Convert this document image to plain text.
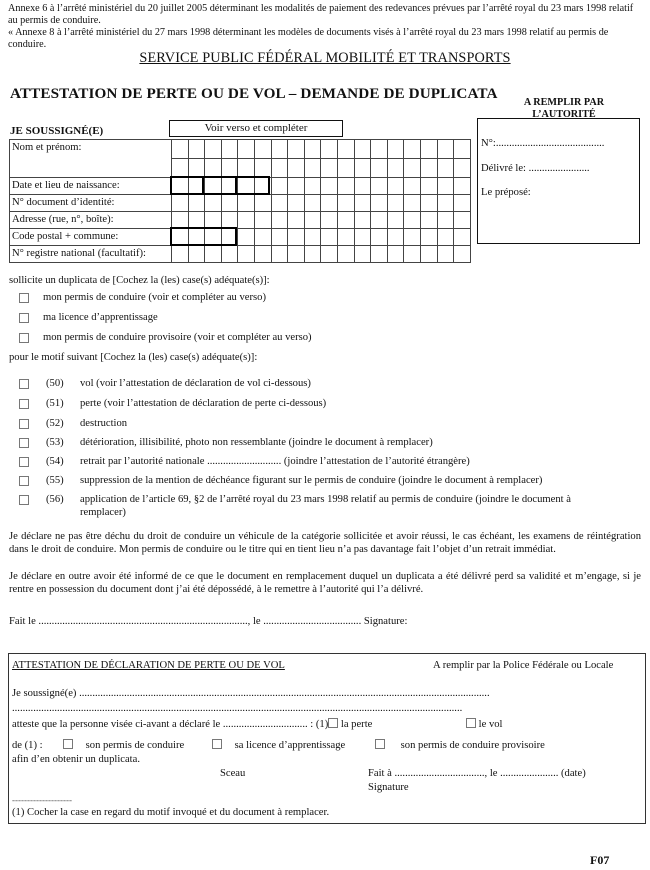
Annexe 6 à l’arrêté ministériel du 20 juillet 2005 déterminant les modalités de paiement des redevances prévues par l’arrêté royal du 23 mars 1998 relatif au permis de conduire.
« Annexe 8 à l’arrêté ministériel du 27 mars 1998 déterminant les modèles de documents visés à l’arrêté royal du 23 mars 1998 relatif au permis de conduire.
SERVICE PUBLIC FÉDÉRAL MOBILITÉ ET TRANSPORTS
ATTESTATION DE PERTE OU DE VOL – DEMANDE DE DUPLICATA
A REMPLIR PAR
L’AUTORITÉ
N°:.........................................
Délivré le: .......................
Le préposé:
JE SOUSSIGNÉ(E)	Voir verso et compléter
Nom et prénom:																		

Date et lieu de naissance:																		
N° document d’identité:																		
Adresse (rue, n°, boîte):																		
Code postal + commune:																		
N° registre national (facultatif):																		
sollicite un duplicata de [Cochez la (les) case(s) adéquate(s)]:
mon permis de conduire (voir et compléter au verso)
ma licence d’apprentissage
mon permis de conduire provisoire (voir et compléter au verso)
pour le motif suivant [Cochez la (les) case(s) adéquate(s)]:
(50) vol (voir l’attestation de déclaration de vol ci-dessous)
(51) perte (voir l’attestation de déclaration de perte ci-dessous)
(52) destruction
(53) détérioration, illisibilité, photo non ressemblante (joindre le document à remplacer)
(54) retrait par l’autorité nationale ............................ (joindre l’attestation de l’autorité étrangère)
(55) suppression de la mention de déchéance figurant sur le permis de conduire (joindre le document à remplacer)
(56) application de l’article 69, §2 de l’arrêté royal du 23 mars 1998 relatif au permis de conduire (joindre le document à
remplacer)
Je déclare ne pas être déchu du droit de conduire un véhicule de la catégorie sollicitée et avoir réussi, le cas échéant, les examens de réintégration dans le droit de conduire. Mon permis de conduire ou le titre qui en tient lieu n’a pas davantage fait l’objet d’un retrait immédiat.
Je déclare en outre avoir été informé de ce que le document en remplacement duquel un duplicata a été délivré perd sa validité et m’engage, si je rentre en possession du document dont j’ai été dépossédé, à le remettre à l’autorité qui l’a délivré.
Fait le ..............................................................................., le ..................................... Signature:
ATTESTATION DE DÉCLARATION DE PERTE OU DE VOL	A remplir par la Police Fédérale ou Locale
Je soussigné(e) ...........................................................................................................................................................
..........................................................................................................................................................................
atteste que la personne visée ci-avant a déclaré le ................................ : (1) la perte	le vol
de (1) :	son permis de conduire	sa licence d’apprentissage	son permis de conduire provisoire
afin d’en obtenir un duplicata.
Sceau	Fait à .................................., le ...................... (date)
Signature
--------------------
(1) Cocher la case en regard du motif invoqué et du document à remplacer.
F07
